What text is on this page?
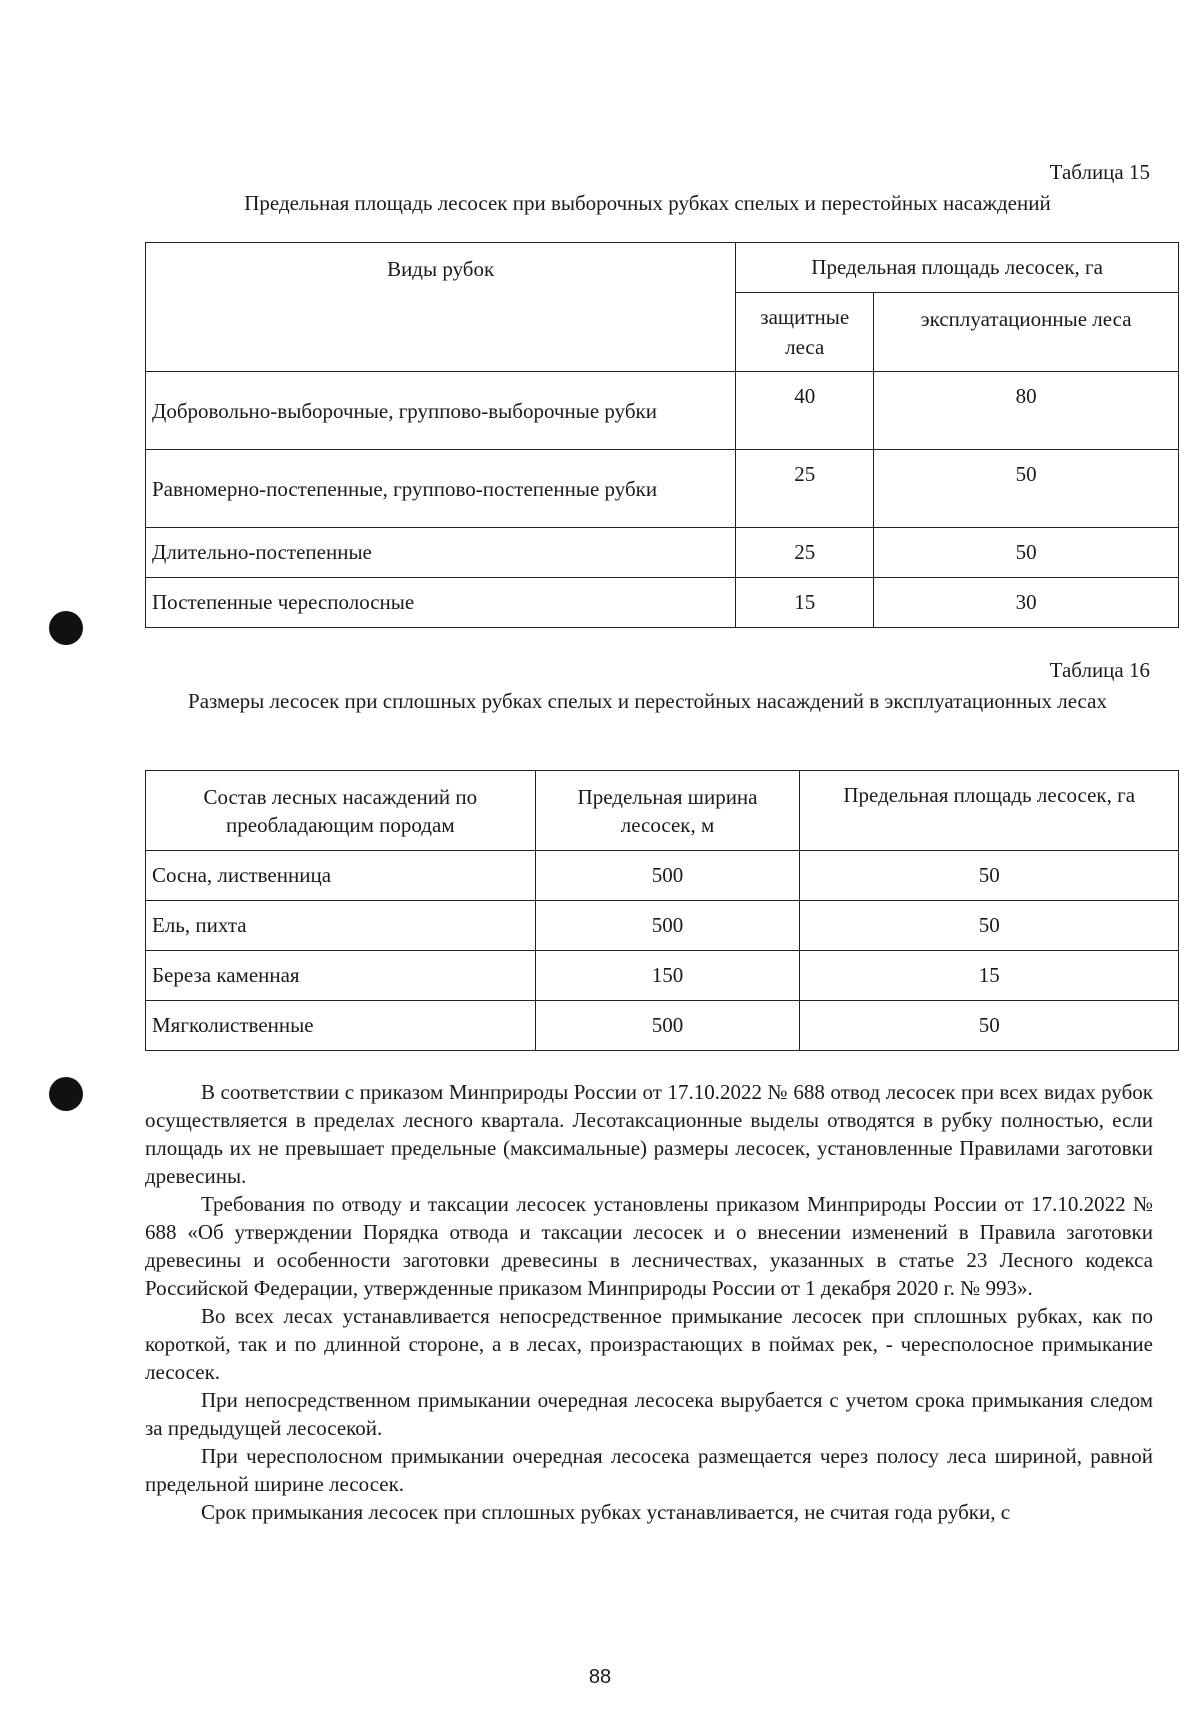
Таблица 15
Предельная площадь лесосек при выборочных рубках спелых и перестойных насаждений
Виды рубок	Предельная площадь лесосек, га	
	защитные леса	эксплуатационные леса
Добровольно-выборочные, группово-выборочные рубки	40	80
Равномерно-постепенные, группово-постепенные рубки	25	50
Длительно-постепенные	25	50
Постепенные чересполосные	15	30
Таблица 16
Размеры лесосек при сплошных рубках спелых и перестойных насаждений в эксплуатационных лесах
Состав лесных насаждений по преобладающим породам	Предельная ширина лесосек, м	Предельная площадь лесосек, га
Сосна, лиственница	500	50
Ель, пихта	500	50
Береза каменная	150	15
Мягколиственные	500	50

В соответствии с приказом Минприроды России от 17.10.2022 № 688 отвод лесосек при всех видах рубок осуществляется в пределах лесного квартала. Лесотаксационные выделы отводятся в рубку полностью, если площадь их не превышает предельные (максимальные) размеры лесосек, установленные Правилами заготовки древесины.

Требования по отводу и таксации лесосек установлены приказом Минприроды России от 17.10.2022 № 688 «Об утверждении Порядка отвода и таксации лесосек и о внесении изменений в Правила заготовки древесины и особенности заготовки древесины в лесничествах, указанных в статье 23 Лесного кодекса Российской Федерации, утвержденные приказом Минприроды России от 1 декабря 2020 г. № 993».

Во всех лесах устанавливается непосредственное примыкание лесосек при сплошных рубках, как по короткой, так и по длинной стороне, а в лесах, произрастающих в поймах рек, - чересполосное примыкание лесосек.

При непосредственном примыкании очередная лесосека вырубается с учетом срока примыкания следом за предыдущей лесосекой.

При чересполосном примыкании очередная лесосека размещается через полосу леса шириной, равной предельной ширине лесосек.

Срок примыкания лесосек при сплошных рубках устанавливается, не считая года рубки, с

88
